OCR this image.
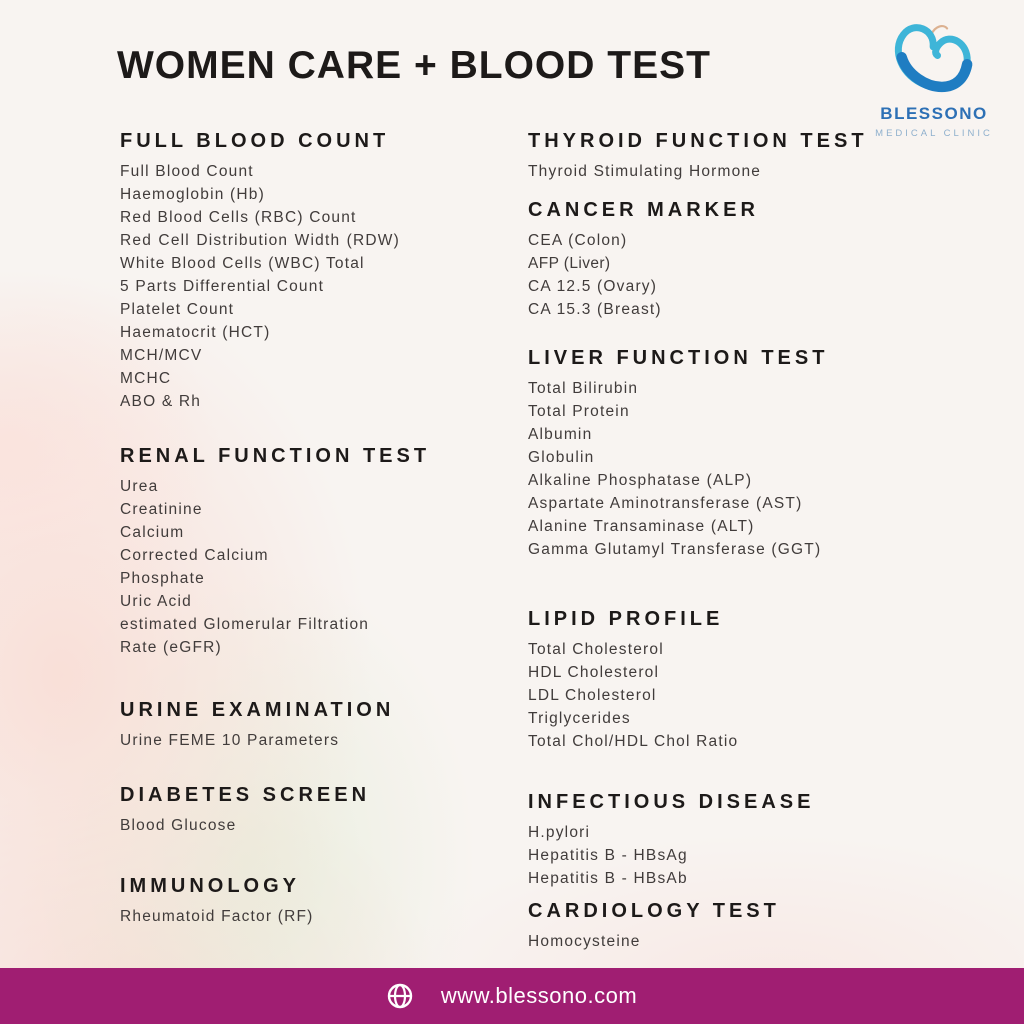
WOMEN CARE + BLOOD TEST
BLESSONO
MEDICAL CLINIC
FULL BLOOD COUNT
Full Blood Count
Haemoglobin (Hb)
Red Blood Cells (RBC) Count
Red Cell Distribution Width (RDW) White Blood Cells (WBC) Total
5 Parts Differential Count
Platelet Count
Haematocrit (HCT)
MCH/MCV
MCHC
ABO & Rh
RENAL FUNCTION TEST
Urea
Creatinine
Calcium
Corrected Calcium
Phosphate
Uric Acid
estimated Glomerular Filtration Rate (eGFR)
URINE EXAMINATION
Urine FEME 10 Parameters
DIABETES SCREEN
Blood Glucose
IMMUNOLOGY
Rheumatoid Factor (RF)
THYROID FUNCTION TEST
Thyroid Stimulating Hormone
CANCER MARKER
CEA (Colon)
AFP (Liver)
CA 12.5 (Ovary)
CA 15.3 (Breast)
LIVER FUNCTION TEST
Total Bilirubin
Total Protein
Albumin
Globulin
Alkaline Phosphatase (ALP)
Aspartate Aminotransferase (AST)
Alanine Transaminase (ALT)
Gamma Glutamyl Transferase (GGT)
LIPID PROFILE
Total Cholesterol
HDL Cholesterol
LDL Cholesterol
Triglycerides
Total Chol/HDL Chol Ratio
INFECTIOUS DISEASE
H.pylori
Hepatitis B - HBsAg
Hepatitis B - HBsAb
CARDIOLOGY TEST
Homocysteine
www.blessono.com
